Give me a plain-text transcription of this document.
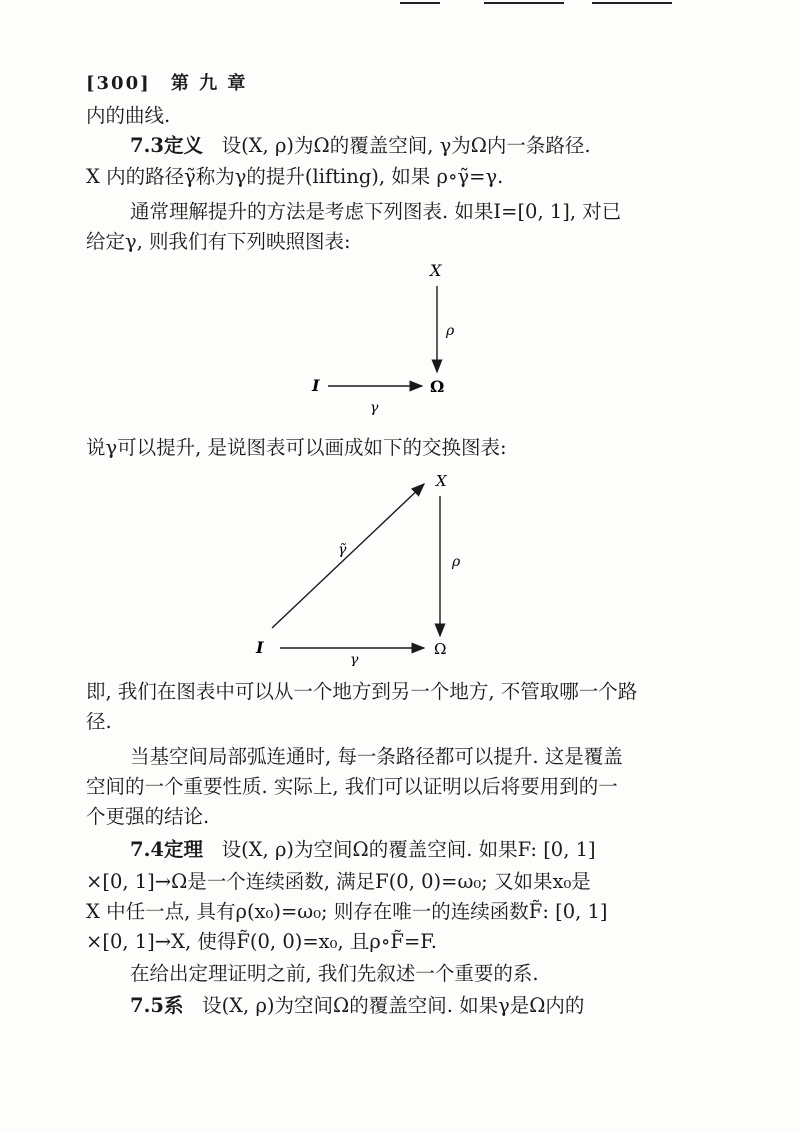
[300] 第 九 章
内的曲线.
7.3定义 设(X, ρ)为Ω的覆盖空间, γ为Ω内一条路径.
X 内的路径γ̃称为γ的提升(lifting), 如果 ρ∘γ̃=γ.
通常理解提升的方法是考虑下列图表. 如果I=[0, 1], 对已
给定γ, 则我们有下列映照图表:
X
ρ
I	Ω
γ
说γ可以提升, 是说图表可以画成如下的交换图表:
X
γ̃
ρ
I	Ω
γ
即, 我们在图表中可以从一个地方到另一个地方, 不管取哪一个路
径.
当基空间局部弧连通时, 每一条路径都可以提升. 这是覆盖
空间的一个重要性质. 实际上, 我们可以证明以后将要用到的一
个更强的结论.
7.4定理 设(X, ρ)为空间Ω的覆盖空间. 如果F: [0, 1]
×[0, 1]→Ω是一个连续函数, 满足F(0, 0)=ω₀; 又如果x₀是
X 中任一点, 具有ρ(x₀)=ω₀; 则存在唯一的连续函数F̃: [0, 1]
×[0, 1]→X, 使得F̃(0, 0)=x₀, 且ρ∘F̃=F.
在给出定理证明之前, 我们先叙述一个重要的系.
7.5系 设(X, ρ)为空间Ω的覆盖空间. 如果γ是Ω内的
